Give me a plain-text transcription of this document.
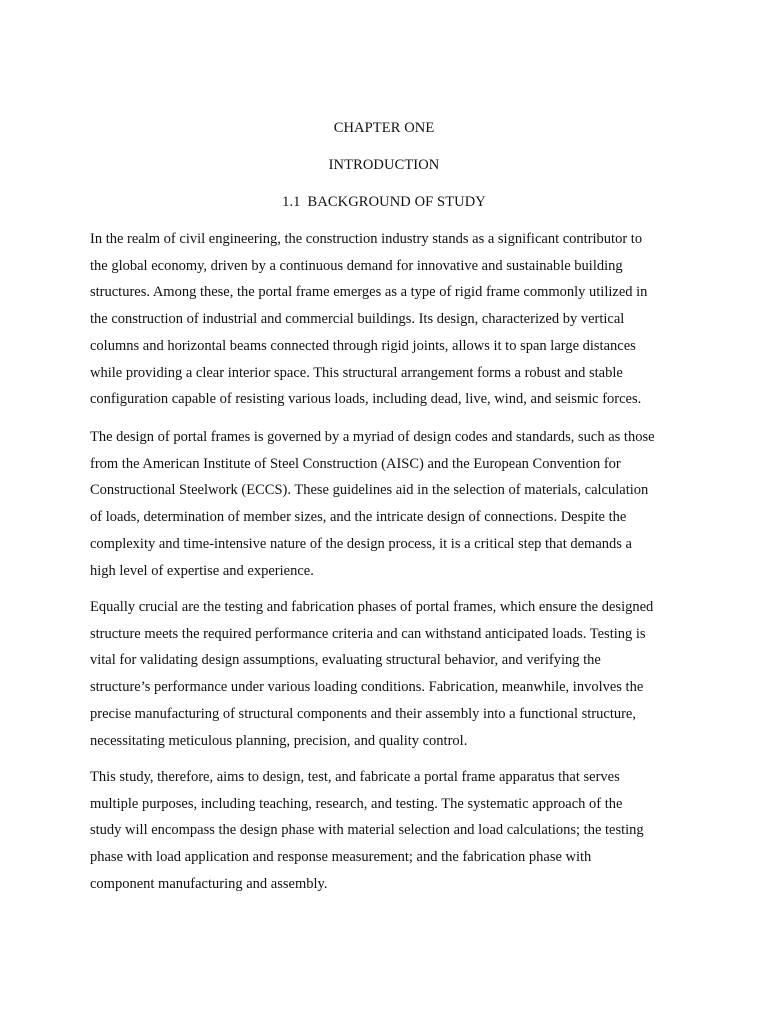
CHAPTER ONE
INTRODUCTION
1.1 BACKGROUND OF STUDY

In the realm of civil engineering, the construction industry stands as a significant contributor to
the global economy, driven by a continuous demand for innovative and sustainable building
structures. Among these, the portal frame emerges as a type of rigid frame commonly utilized in
the construction of industrial and commercial buildings. Its design, characterized by vertical
columns and horizontal beams connected through rigid joints, allows it to span large distances
while providing a clear interior space. This structural arrangement forms a robust and stable
configuration capable of resisting various loads, including dead, live, wind, and seismic forces.

The design of portal frames is governed by a myriad of design codes and standards, such as those
from the American Institute of Steel Construction (AISC) and the European Convention for
Constructional Steelwork (ECCS). These guidelines aid in the selection of materials, calculation
of loads, determination of member sizes, and the intricate design of connections. Despite the
complexity and time-intensive nature of the design process, it is a critical step that demands a
high level of expertise and experience.

Equally crucial are the testing and fabrication phases of portal frames, which ensure the designed
structure meets the required performance criteria and can withstand anticipated loads. Testing is
vital for validating design assumptions, evaluating structural behavior, and verifying the
structure’s performance under various loading conditions. Fabrication, meanwhile, involves the
precise manufacturing of structural components and their assembly into a functional structure,
necessitating meticulous planning, precision, and quality control.

This study, therefore, aims to design, test, and fabricate a portal frame apparatus that serves
multiple purposes, including teaching, research, and testing. The systematic approach of the
study will encompass the design phase with material selection and load calculations; the testing
phase with load application and response measurement; and the fabrication phase with
component manufacturing and assembly.
